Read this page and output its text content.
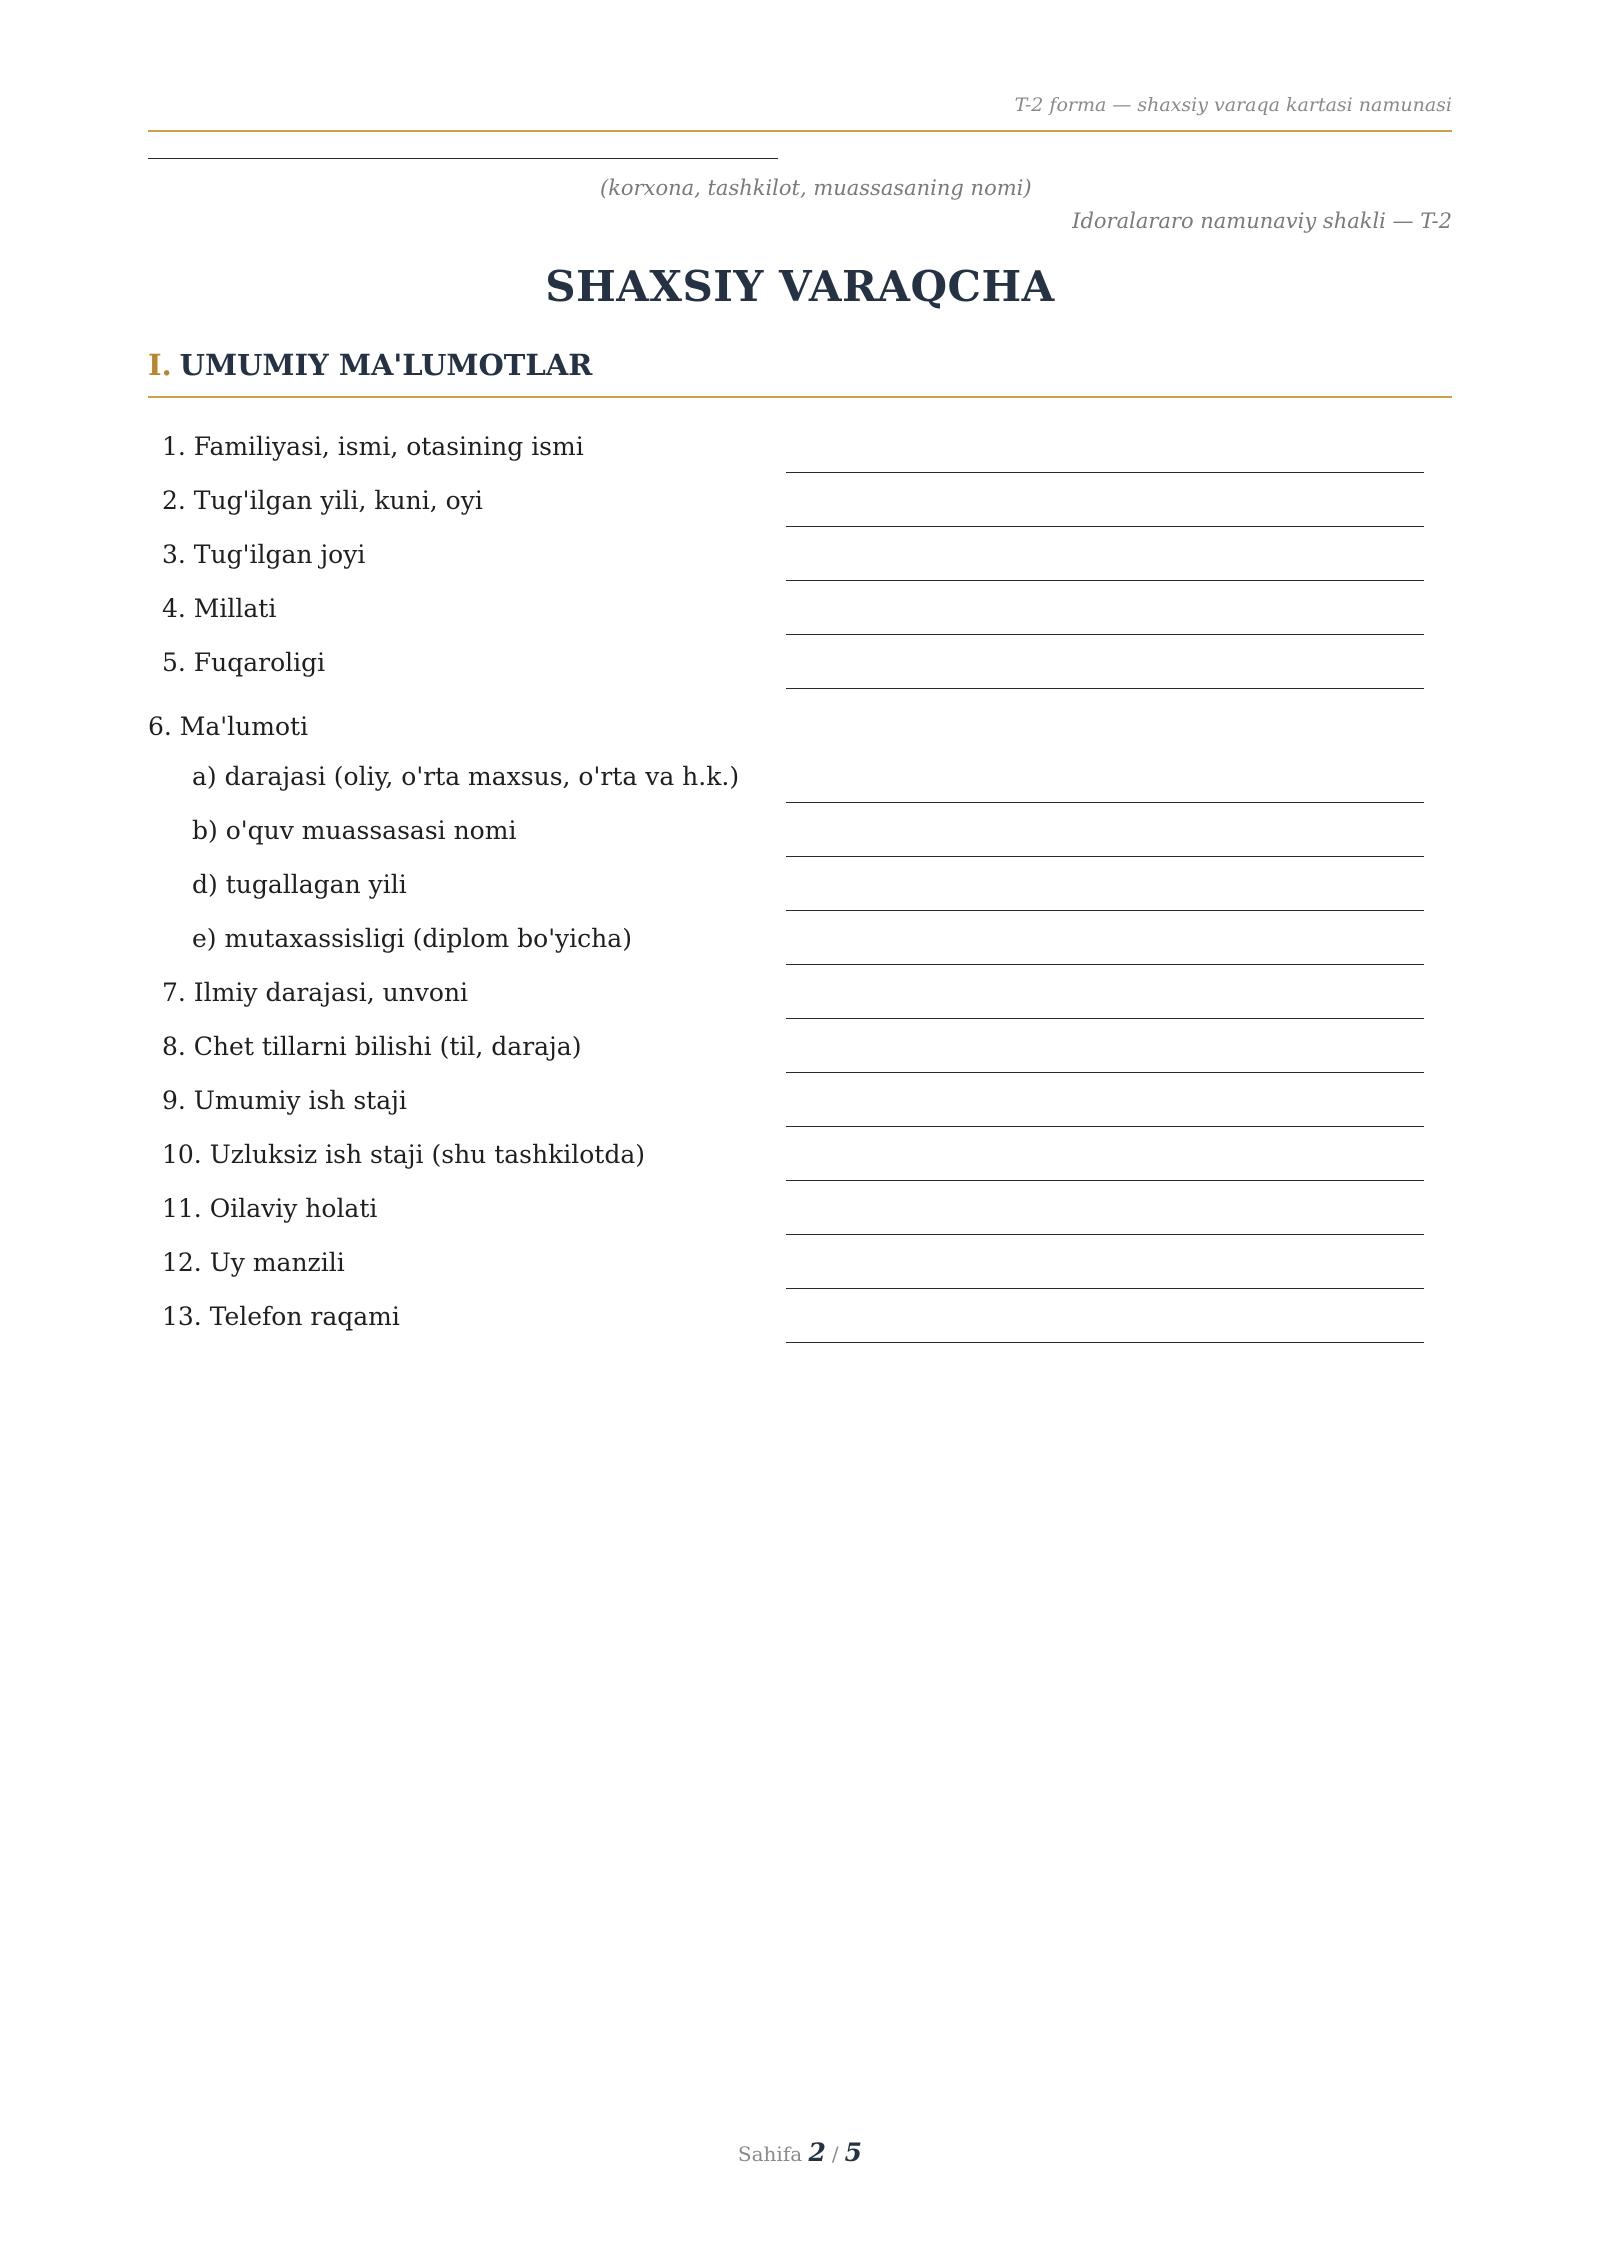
T-2 forma — shaxsiy varaqa kartasi namunasi
(korxona, tashkilot, muassasaning nomi)
Idoralararo namunaviy shakli — T-2
SHAXSIY VARAQCHA
I. UMUMIY MA'LUMOTLAR
1. Familiyasi, ismi, otasining ismi
2. Tug'ilgan yili, kuni, oyi
3. Tug'ilgan joyi
4. Millati
5. Fuqaroligi
6. Ma'lumoti
a) darajasi (oliy, o'rta maxsus, o'rta va h.k.)
b) o'quv muassasasi nomi
d) tugallagan yili
e) mutaxassisligi (diplom bo'yicha)
7. Ilmiy darajasi, unvoni
8. Chet tillarni bilishi (til, daraja)
9. Umumiy ish staji
10. Uzluksiz ish staji (shu tashkilotda)
11. Oilaviy holati
12. Uy manzili
13. Telefon raqami
Sahifa 2 / 5
